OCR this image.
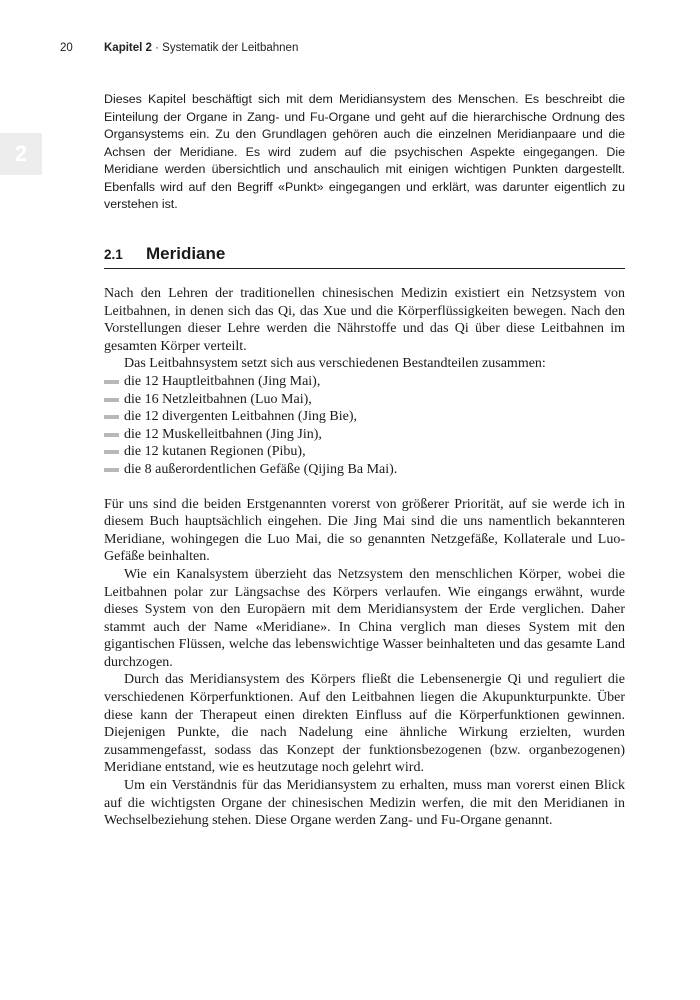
20	Kapitel 2 · Systematik der Leitbahnen
2

Dieses Kapitel beschäftigt sich mit dem Meridiansystem des Menschen. Es beschreibt die Einteilung der Organe in Zang- und Fu-Organe und geht auf die hierarchische Ordnung des Organsystems ein. Zu den Grundlagen gehören auch die einzelnen Meridianpaare und die Achsen der Meridiane. Es wird zudem auf die psychischen Aspekte eingegangen. Die Meridiane werden übersichtlich und anschaulich mit einigen wichtigen Punkten dargestellt. Ebenfalls wird auf den Begriff «Punkt» eingegangen und erklärt, was darunter eigentlich zu verstehen ist.

2.1 Meridiane

Nach den Lehren der traditionellen chinesischen Medizin existiert ein Netzsystem von Leitbahnen, in denen sich das Qi, das Xue und die Körperflüssigkeiten bewegen. Nach den Vorstellungen dieser Lehre werden die Nährstoffe und das Qi über diese Leitbahnen im gesamten Körper verteilt.

Das Leitbahnsystem setzt sich aus verschiedenen Bestandteilen zusammen:

die 12 Hauptleitbahnen (Jing Mai),
die 16 Netzleitbahnen (Luo Mai),
die 12 divergenten Leitbahnen (Jing Bie),
die 12 Muskelleitbahnen (Jing Jin),
die 12 kutanen Regionen (Pibu),
die 8 außerordentlichen Gefäße (Qijing Ba Mai).

Für uns sind die beiden Erstgenannten vorerst von größerer Priorität, auf sie werde ich in diesem Buch hauptsächlich eingehen. Die Jing Mai sind die uns namentlich bekannteren Meridiane, wohingegen die Luo Mai, die so genannten Netzgefäße, Kollaterale und Luo-Gefäße beinhalten.

Wie ein Kanalsystem überzieht das Netzsystem den menschlichen Körper, wobei die Leitbahnen polar zur Längsachse des Körpers verlaufen. Wie eingangs erwähnt, wurde dieses System von den Europäern mit dem Meridiansystem der Erde verglichen. Daher stammt auch der Name «Meridiane». In China verglich man dieses System mit den gigantischen Flüssen, welche das lebenswichtige Wasser beinhalteten und das gesamte Land durchzogen.

Durch das Meridiansystem des Körpers fließt die Lebensenergie Qi und reguliert die verschiedenen Körperfunktionen. Auf den Leitbahnen liegen die Akupunkturpunkte. Über diese kann der Therapeut einen direkten Einfluss auf die Körperfunktionen gewinnen. Diejenigen Punkte, die nach Nadelung eine ähnliche Wirkung erzielten, wurden zusammengefasst, sodass das Konzept der funktionsbezogenen (bzw. organbezogenen) Meridiane entstand, wie es heutzutage noch gelehrt wird.

Um ein Verständnis für das Meridiansystem zu erhalten, muss man vorerst einen Blick auf die wichtigsten Organe der chinesischen Medizin werfen, die mit den Meridianen in Wechselbeziehung stehen. Diese Organe werden Zang- und Fu-Organe genannt.
